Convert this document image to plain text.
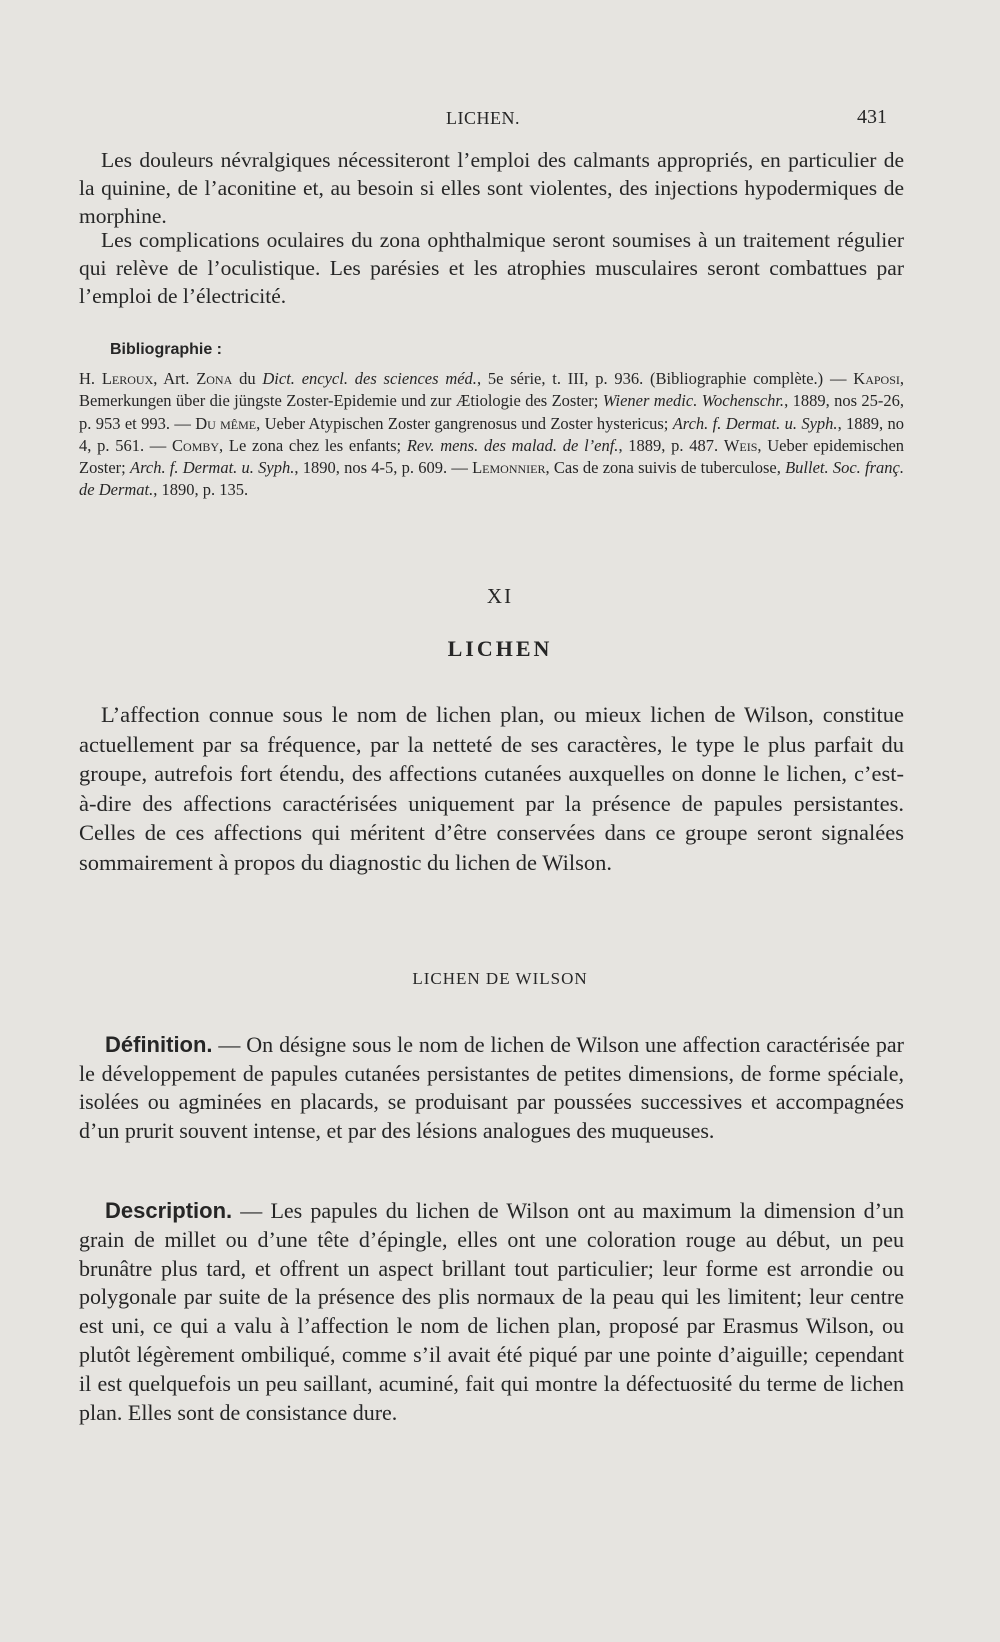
LICHEN.	431

Les douleurs névralgiques nécessiteront l’emploi des calmants appropriés, en particulier de la quinine, de l’aconitine et, au besoin si elles sont violentes, des injections hypodermiques de morphine.

Les complications oculaires du zona ophthalmique seront soumises à un traitement régulier qui relève de l’oculistique. Les parésies et les atrophies musculaires seront combattues par l’emploi de l’électricité.

Bibliographie :
H. Leroux, Art. Zona du Dict. encycl. des sciences méd., 5e série, t. III, p. 936. (Bibliographie complète.) — Kaposi, Bemerkungen über die jüngste Zoster-Epidemie und zur Ætiologie des Zoster; Wiener medic. Wochenschr., 1889, nos 25-26, p. 953 et 993. — Du même, Ueber Atypischen Zoster gangrenosus und Zoster hystericus; Arch. f. Dermat. u. Syph., 1889, no 4, p. 561. — Comby, Le zona chez les enfants; Rev. mens. des malad. de l’enf., 1889, p. 487. Weis, Ueber epidemischen Zoster; Arch. f. Dermat. u. Syph., 1890, nos 4-5, p. 609. — Lemonnier, Cas de zona suivis de tuberculose, Bullet. Soc. franç. de Dermat., 1890, p. 135.
XI
LICHEN

L’affection connue sous le nom de lichen plan, ou mieux lichen de Wilson, constitue actuellement par sa fréquence, par la netteté de ses caractères, le type le plus parfait du groupe, autrefois fort étendu, des affections cutanées auxquelles on donne le lichen, c’est-à-dire des affections caractérisées uniquement par la présence de papules persistantes. Celles de ces affections qui méritent d’être conservées dans ce groupe seront signalées sommairement à propos du diagnostic du lichen de Wilson.

LICHEN DE WILSON

Définition. — On désigne sous le nom de lichen de Wilson une affection caractérisée par le développement de papules cutanées persistantes de petites dimensions, de forme spéciale, isolées ou agminées en placards, se produisant par poussées successives et accompagnées d’un prurit souvent intense, et par des lésions analogues des muqueuses.

Description. — Les papules du lichen de Wilson ont au maximum la dimension d’un grain de millet ou d’une tête d’épingle, elles ont une coloration rouge au début, un peu brunâtre plus tard, et offrent un aspect brillant tout particulier; leur forme est arrondie ou polygonale par suite de la présence des plis normaux de la peau qui les limitent; leur centre est uni, ce qui a valu à l’affection le nom de lichen plan, proposé par Erasmus Wilson, ou plutôt légèrement ombiliqué, comme s’il avait été piqué par une pointe d’aiguille; cependant il est quelquefois un peu saillant, acuminé, fait qui montre la défectuosité du terme de lichen plan. Elles sont de consistance dure.
